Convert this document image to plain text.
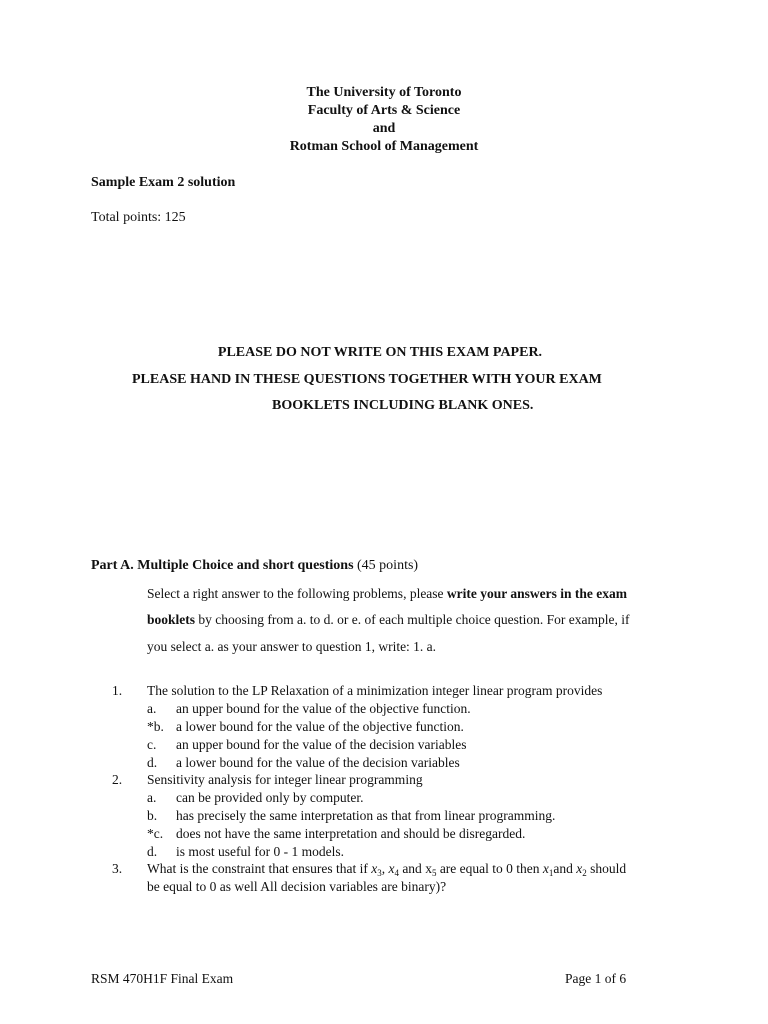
The University of Toronto
Faculty of Arts & Science
and
Rotman School of Management
Sample Exam 2 solution
Total points: 125
PLEASE DO NOT WRITE ON THIS EXAM PAPER.
PLEASE HAND IN THESE QUESTIONS TOGETHER WITH YOUR EXAM
BOOKLETS INCLUDING BLANK ONES.
Part A. Multiple Choice and short questions (45 points)
Select a right answer to the following problems, please write your answers in the exam
booklets by choosing from a. to d. or e. of each multiple choice question. For example, if
you select a. as your answer to question 1, write: 1. a.
1. The solution to the LP Relaxation of a minimization integer linear program provides
a. an upper bound for the value of the objective function.
*b. a lower bound for the value of the objective function.
c. an upper bound for the value of the decision variables
d. a lower bound for the value of the decision variables
2. Sensitivity analysis for integer linear programming
a. can be provided only by computer.
b. has precisely the same interpretation as that from linear programming.
*c. does not have the same interpretation and should be disregarded.
d. is most useful for 0 - 1 models.
3. What is the constraint that ensures that if $x_3$, $x_4$ and $x_5$ are equal to 0 then $x_1and$ $x_2$ should
be equal to 0 as well All decision variables are binary)?
RSM 470H1F Final Exam	Page 1 of 6
